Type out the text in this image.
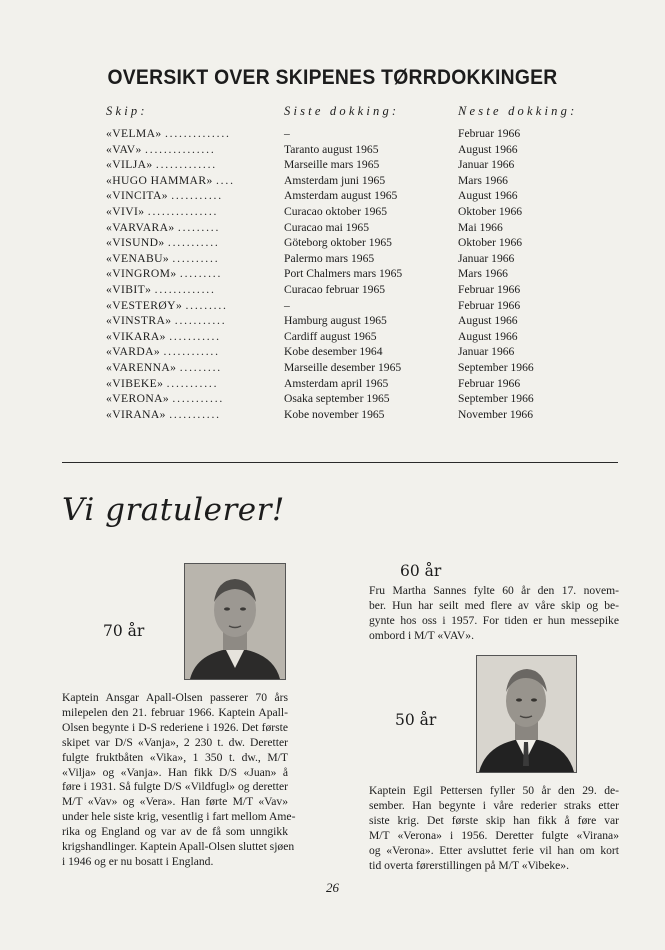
OVERSIKT OVER SKIPENES TØRRDOKKINGER
Skip:	Siste dokking:	Neste dokking:
«VELMA» ..............	–	Februar 1966
«VAV» ...............	Taranto august 1965	August 1966
«VILJA» .............	Marseille mars 1965	Januar 1966
«HUGO HAMMAR» ....	Amsterdam juni 1965	Mars 1966
«VINCITA» ...........	Amsterdam august 1965	August 1966
«VIVI» ...............	Curacao oktober 1965	Oktober 1966
«VARVARA» .........	Curacao mai 1965	Mai 1966
«VISUND» ...........	Göteborg oktober 1965	Oktober 1966
«VENABU» ..........	Palermo mars 1965	Januar 1966
«VINGROM» .........	Port Chalmers mars 1965	Mars 1966
«VIBIT» .............	Curacao februar 1965	Februar 1966
«VESTERØY» .........	–	Februar 1966
«VINSTRA» ...........	Hamburg august 1965	August 1966
«VIKARA» ...........	Cardiff august 1965	August 1966
«VARDA» ............	Kobe desember 1964	Januar 1966
«VARENNA» .........	Marseille desember 1965	September 1966
«VIBEKE» ...........	Amsterdam april 1965	Februar 1966
«VERONA» ...........	Osaka september 1965	September 1966
«VIRANA» ...........	Kobe november 1965	November 1966
Vi gratulerer!
70 år
60 år
50 år
Fru Martha Sannes fylte 60 år den 17. novem-
ber. Hun har seilt med flere av våre skip og be-
gynte hos oss i 1957. For tiden er hun messepike
ombord i M/T «VAV».
Kaptein Ansgar Apall-Olsen passerer 70 års
milepelen den 21. februar 1966. Kaptein Apall-
Olsen begynte i D-S rederiene i 1926. Det første
skipet var D/S «Vanja», 2 230 t. dw. Deretter
fulgte fruktbåten «Vika», 1 350 t. dw., M/T
«Vilja» og «Vanja». Han fikk D/S «Juan» å
føre i 1931. Så fulgte D/S «Vildfugl» og deretter
M/T «Vav» og «Vera». Han førte M/T «Vav»
under hele siste krig, vesentlig i fart mellom Ame-
rika og England og var av de få som unngikk
krigshandlinger. Kaptein Apall-Olsen sluttet sjøen
i 1946 og er nu bosatt i England.
Kaptein Egil Pettersen fyller 50 år den 29. de-
sember. Han begynte i våre rederier straks etter
siste krig. Det første skip han fikk å føre var
M/T «Verona» i 1956. Deretter fulgte «Virana»
og «Verona». Etter avsluttet ferie vil han om kort
tid overta førerstillingen på M/T «Vibeke».
26
